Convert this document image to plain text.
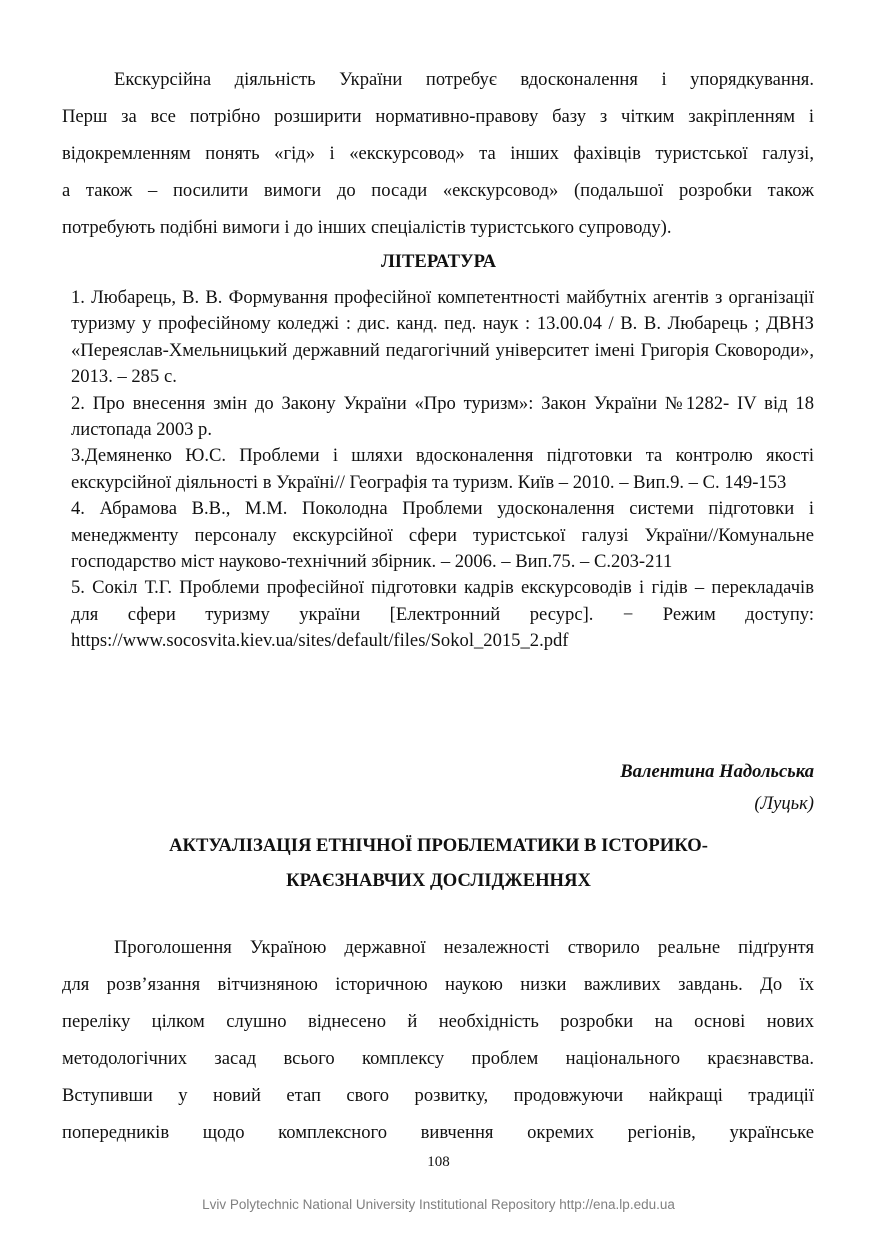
Екскурсійна діяльність України потребує вдосконалення і упорядкування.

Перш за все потрібно розширити нормативно-правову базу з чітким закріпленням і

відокремленням понять «гід» і «екскурсовод» та інших фахівців туристської галузі,

а також – посилити вимоги до посади «екскурсовод» (подальшої розробки також

потребують подібні вимоги і до інших спеціалістів туристського супроводу).

ЛІТЕРАТУРА
1. Любарець, В. В. Формування професійної компетентності майбутніх агентів з організації туризму у професійному коледжі : дис. канд. пед. наук : 13.00.04 / В. В. Любарець ; ДВНЗ «Переяслав-Хмельницький державний педагогічний університет імені Григорія Сковороди», 2013. – 285 с.
2. Про внесення змін до Закону України «Про туризм»: Закон України №1282- IV від 18 листопада 2003 р.
3.Демяненко Ю.С. Проблеми і шляхи вдосконалення підготовки та контролю якості екскурсійної діяльності в Україні// Географія та туризм. Київ – 2010. – Вип.9. – С. 149-153
4. Абрамова В.В., М.М. Поколодна Проблеми удосконалення системи підготовки і менеджменту персоналу екскурсійної сфери туристської галузі України//Комунальне господарство міст науково-технічний збірник. – 2006. – Вип.75. – С.203-211
5. Сокіл Т.Г. Проблеми професійної підготовки кадрів екскурсоводів і гідів – перекладачів для сфери туризму україни [Електронний ресурс]. − Режим доступу: https://www.socosvita.kiev.ua/sites/default/files/Sokol_2015_2.pdf

Валентина Надольська

(Луцьк)

АКТУАЛІЗАЦІЯ ЕТНІЧНОЇ ПРОБЛЕМАТИКИ В ІСТОРИКО-
КРАЄЗНАВЧИХ ДОСЛІДЖЕННЯХ

Проголошення Україною державної незалежності створило реальне підґрунтя

для розв’язання вітчизняною історичною наукою низки важливих завдань. До їх

переліку цілком слушно віднесено й необхідність розробки на основі нових

методологічних засад всього комплексу проблем національного краєзнавства.

Вступивши у новий етап свого розвитку, продовжуючи найкращі традиції

попередників щодо комплексного вивчення окремих регіонів, українське

108

Lviv Polytechnic National University Institutional Repository http://ena.lp.edu.ua
